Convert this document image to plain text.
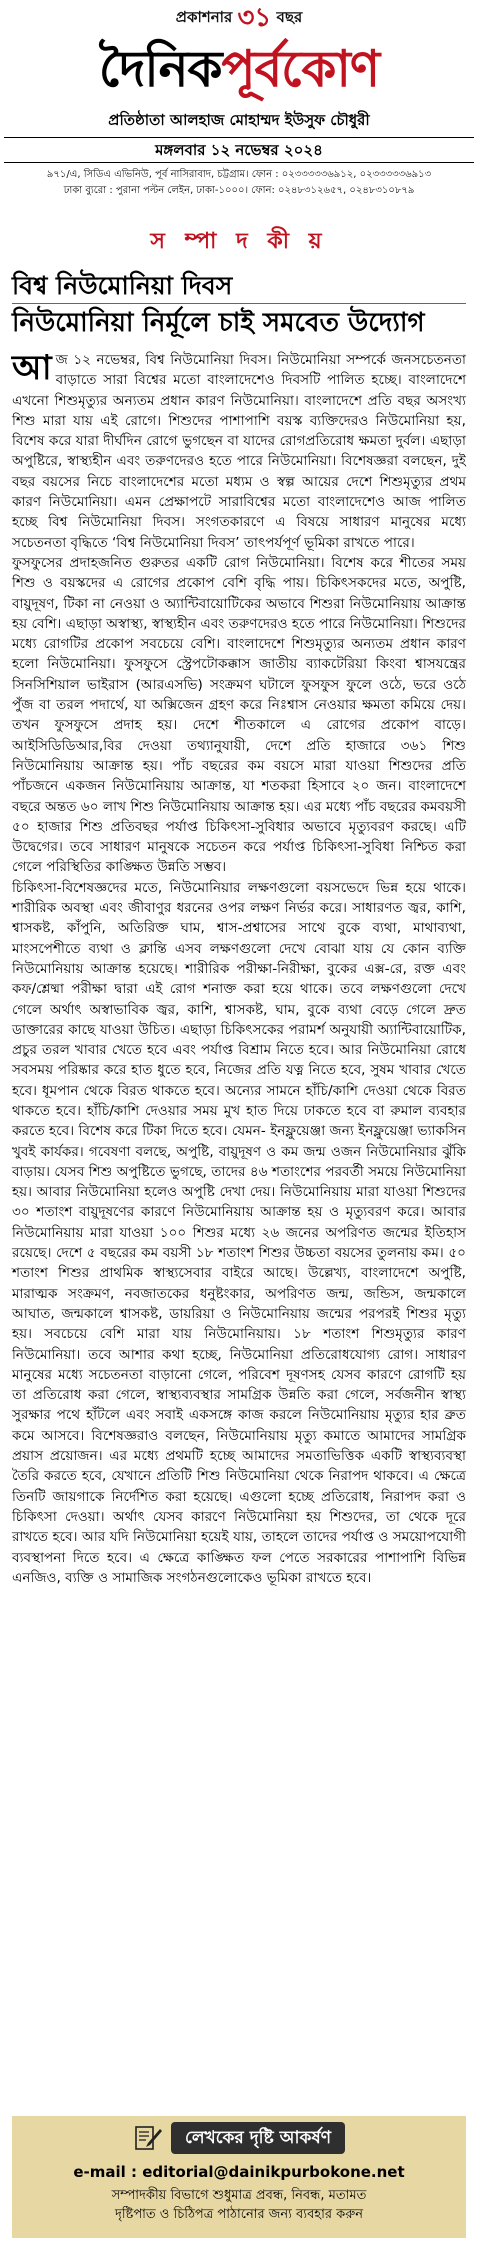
প্রকাশনার ৩১ বছর
দৈনিকপূর্বকোণ
প্রতিষ্ঠাতা আলহাজ মোহাম্মদ ইউসুফ চৌধুরী
মঙ্গলবার ১২ নভেম্বর ২০২৪
৯৭১/এ, সিডিএ এভিনিউ, পূর্ব নাসিরাবাদ, চট্টগ্রাম। ফোন : ০২৩৩৩৩৩৬৯১২, ০২৩৩৩৩৩৬৯১৩
ঢাকা ব্যুরো : পুরানা পল্টন লেইন, ঢাকা-১০০০। ফোন: ০২৪৮৩১২৬৫৭, ০২৪৮৩১০৮৭৯
স ম্পা দ কী য়
বিশ্ব নিউমোনিয়া দিবস
নিউমোনিয়া নির্মূলে চাই সমবেত উদ্যোগ

আজ ১২ নভেম্বর, বিশ্ব নিউমোনিয়া দিবস। নিউমোনিয়া সম্পর্কে জনসচেতনতা বাড়াতে সারা বিশ্বের মতো বাংলাদেশেও দিবসটি পালিত হচ্ছে। বাংলাদেশে এখনো শিশুমৃত্যুর অন্যতম প্রধান কারণ নিউমোনিয়া। বাংলাদেশে প্রতি বছর অসংখ্য শিশু মারা যায় এই রোগে। শিশুদের পাশাপাশি বয়স্ক ব্যক্তিদেরও নিউমোনিয়া হয়, বিশেষ করে যারা দীর্ঘদিন রোগে ভুগছেন বা যাদের রোগপ্রতিরোধ ক্ষমতা দুর্বল। এছাড়া অপুষ্টিরে, স্বাস্থ্যহীন এবং তরুণদেরও হতে পারে নিউমোনিয়া। বিশেষজ্ঞরা বলছেন, দুই বছর বয়সের নিচে বাংলাদেশের মতো মধ্যম ও স্বল্প আয়ের দেশে শিশুমৃত্যুর প্রথম কারণ নিউমোনিয়া। এমন প্রেক্ষাপটে সারাবিশ্বের মতো বাংলাদেশেও আজ পালিত হচ্ছে বিশ্ব নিউমোনিয়া দিবস। সংগতকারণে এ বিষয়ে সাধারণ মানুষের মধ্যে সচেতনতা বৃদ্ধিতে ‘বিশ্ব নিউমোনিয়া দিবস’ তাৎপর্যপূর্ণ ভূমিকা রাখতে পারে।

ফুসফুসের প্রদাহজনিত গুরুতর একটি রোগ নিউমোনিয়া। বিশেষ করে শীতের সময় শিশু ও বয়স্কদের এ রোগের প্রকোপ বেশি বৃদ্ধি পায়। চিকিৎসকদের মতে, অপুষ্টি, বায়ুদূষণ, টিকা না নেওয়া ও অ্যান্টিবায়োটিকের অভাবে শিশুরা নিউমোনিয়ায় আক্রান্ত হয় বেশি। এছাড়া অস্বাস্থ্য, স্বাস্থ্যহীন এবং তরুণদেরও হতে পারে নিউমোনিয়া। শিশুদের মধ্যে রোগটির প্রকোপ সবচেয়ে বেশি। বাংলাদেশে শিশুমৃত্যুর অন্যতম প্রধান কারণ হলো নিউমোনিয়া। ফুসফুসে স্ট্রেপটোকক্কাস জাতীয় ব্যাকটেরিয়া কিংবা শ্বাসযন্ত্রের সিনসিশিয়াল ভাইরাস (আরএসভি) সংক্রমণ ঘটালে ফুসফুস ফুলে ওঠে, ভরে ওঠে পুঁজ বা তরল পদার্থে, যা অক্সিজেন গ্রহণ করে নিঃশ্বাস নেওয়ার ক্ষমতা কমিয়ে দেয়। তখন ফুসফুসে প্রদাহ হয়। দেশে শীতকালে এ রোগের প্রকোপ বাড়ে। আইসিডিডিআর,বির দেওয়া তথ্যানুযায়ী, দেশে প্রতি হাজারে ৩৬১ শিশু নিউমোনিয়ায় আক্রান্ত হয়। পাঁচ বছরের কম বয়সে মারা যাওয়া শিশুদের প্রতি পাঁচজনে একজন নিউমোনিয়ায় আক্রান্ত, যা শতকরা হিসাবে ২০ জন। বাংলাদেশে বছরে অন্তত ৬০ লাখ শিশু নিউমোনিয়ায় আক্রান্ত হয়। এর মধ্যে পাঁচ বছরের কমবয়সী ৫০ হাজার শিশু প্রতিবছর পর্যাপ্ত চিকিৎসা-সুবিধার অভাবে মৃত্যুবরণ করছে। এটি উদ্বেগের। তবে সাধারণ মানুষকে সচেতন করে পর্যাপ্ত চিকিৎসা-সুবিধা নিশ্চিত করা গেলে পরিস্থিতির কাঙ্ক্ষিত উন্নতি সম্ভব।

চিকিৎসা-বিশেষজ্ঞদের মতে, নিউমোনিয়ার লক্ষণগুলো বয়সভেদে ভিন্ন হয়ে থাকে। শারীরিক অবস্থা এবং জীবাণুর ধরনের ওপর লক্ষণ নির্ভর করে। সাধারণত জ্বর, কাশি, শ্বাসকষ্ট, কাঁপুনি, অতিরিক্ত ঘাম, শ্বাস-প্রশ্বাসের সাথে বুকে ব্যথা, মাথাব্যথা, মাংসপেশীতে ব্যথা ও ক্লান্তি এসব লক্ষণগুলো দেখে বোঝা যায় যে কোন ব্যক্তি নিউমোনিয়ায় আক্রান্ত হয়েছে। শারীরিক পরীক্ষা-নিরীক্ষা, বুকের এক্স-রে, রক্ত এবং কফ/শ্লেষ্মা পরীক্ষা দ্বারা এই রোগ শনাক্ত করা হয়ে থাকে। তবে লক্ষণগুলো দেখে গেলে অর্থাৎ অস্বাভাবিক জ্বর, কাশি, শ্বাসকষ্ট, ঘাম, বুকে ব্যথা বেড়ে গেলে দ্রুত ডাক্তারের কাছে যাওয়া উচিত। এছাড়া চিকিৎসকের পরামর্শ অনুযায়ী অ্যান্টিবায়োটিক, প্রচুর তরল খাবার খেতে হবে এবং পর্যাপ্ত বিশ্রাম নিতে হবে। আর নিউমোনিয়া রোধে সবসময় পরিষ্কার করে হাত ধুতে হবে, নিজের প্রতি যত্ন নিতে হবে, সুষম খাবার খেতে হবে। ধূমপান থেকে বিরত থাকতে হবে। অন্যের সামনে হাঁচি/কাশি দেওয়া থেকে বিরত থাকতে হবে। হাঁচি/কাশি দেওয়ার সময় মুখ হাত দিয়ে ঢাকতে হবে বা রুমাল ব্যবহার করতে হবে। বিশেষ করে টিকা দিতে হবে। যেমন- ইনফ্লুয়েঞ্জা জন্য ইনফ্লুয়েঞ্জা ভ্যাকসিন খুবই কার্যকর। গবেষণা বলছে, অপুষ্টি, বায়ুদূষণ ও কম জন্ম ওজন নিউমোনিয়ার ঝুঁকি বাড়ায়। যেসব শিশু অপুষ্টিতে ভুগছে, তাদের ৪৬ শতাংশের পরবর্তী সময়ে নিউমোনিয়া হয়। আবার নিউমোনিয়া হলেও অপুষ্টি দেখা দেয়। নিউমোনিয়ায় মারা যাওয়া শিশুদের ৩০ শতাংশ বায়ুদূষণের কারণে নিউমোনিয়ায় আক্রান্ত হয় ও মৃত্যুবরণ করে। আবার নিউমোনিয়ায় মারা যাওয়া ১০০ শিশুর মধ্যে ২৬ জনের অপরিণত জন্মের ইতিহাস রয়েছে। দেশে ৫ বছরের কম বয়সী ১৮ শতাংশ শিশুর উচ্চতা বয়সের তুলনায় কম। ৫০ শতাংশ শিশুর প্রাথমিক স্বাস্থ্যসেবার বাইরে আছে। উল্লেখ্য, বাংলাদেশে অপুষ্টি, মারাত্মক সংক্রমণ, নবজাতকের ধনুষ্টংকার, অপরিণত জন্ম, জন্ডিস, জন্মকালে আঘাত, জন্মকালে শ্বাসকষ্ট, ডায়রিয়া ও নিউমোনিয়ায় জন্মের পরপরই শিশুর মৃত্যু হয়। সবচেয়ে বেশি মারা যায় নিউমোনিয়ায়। ১৮ শতাংশ শিশুমৃত্যুর কারণ নিউমোনিয়া। তবে আশার কথা হচ্ছে, নিউমোনিয়া প্রতিরোধযোগ্য রোগ। সাধারণ মানুষের মধ্যে সচেতনতা বাড়ানো গেলে, পরিবেশ দূষণসহ যেসব কারণে রোগটি হয় তা প্রতিরোধ করা গেলে, স্বাস্থ্যব্যবস্থার সামগ্রিক উন্নতি করা গেলে, সর্বজনীন স্বাস্থ্য সুরক্ষার পথে হাঁটলে এবং সবাই একসঙ্গে কাজ করলে নিউমোনিয়ায় মৃত্যুর হার ব্রুত কমে আসবে। বিশেষজ্ঞরাও বলছেন, নিউমোনিয়ায় মৃত্যু কমাতে আমাদের সামগ্রিক প্রয়াস প্রয়োজন। এর মধ্যে প্রথমটি হচ্ছে আমাদের সমতাভিত্তিক একটি স্বাস্থ্যব্যবস্থা তৈরি করতে হবে, যেখানে প্রতিটি শিশু নিউমোনিয়া থেকে নিরাপদ থাকবে। এ ক্ষেত্রে তিনটি জায়গাকে নির্দেশিত করা হয়েছে। এগুলো হচ্ছে প্রতিরোধ, নিরাপদ করা ও চিকিৎসা দেওয়া। অর্থাৎ যেসব কারণে নিউমোনিয়া হয় শিশুদের, তা থেকে দূরে রাখতে হবে। আর যদি নিউমোনিয়া হয়েই যায়, তাহলে তাদের পর্যাপ্ত ও সময়োপযোগী ব্যবস্থাপনা দিতে হবে। এ ক্ষেত্রে কাঙ্ক্ষিত ফল পেতে সরকারের পাশাপাশি বিভিন্ন এনজিও, ব্যক্তি ও সামাজিক সংগঠনগুলোকেও ভূমিকা রাখতে হবে।

লেখকের দৃষ্টি আকর্ষণ
e-mail : editorial@dainikpurbokone.net
সম্পাদকীয় বিভাগে শুধুমাত্র প্রবন্ধ, নিবন্ধ, মতামত
দৃষ্টিপাত ও চিঠিপত্র পাঠানোর জন্য ব্যবহার করুন
